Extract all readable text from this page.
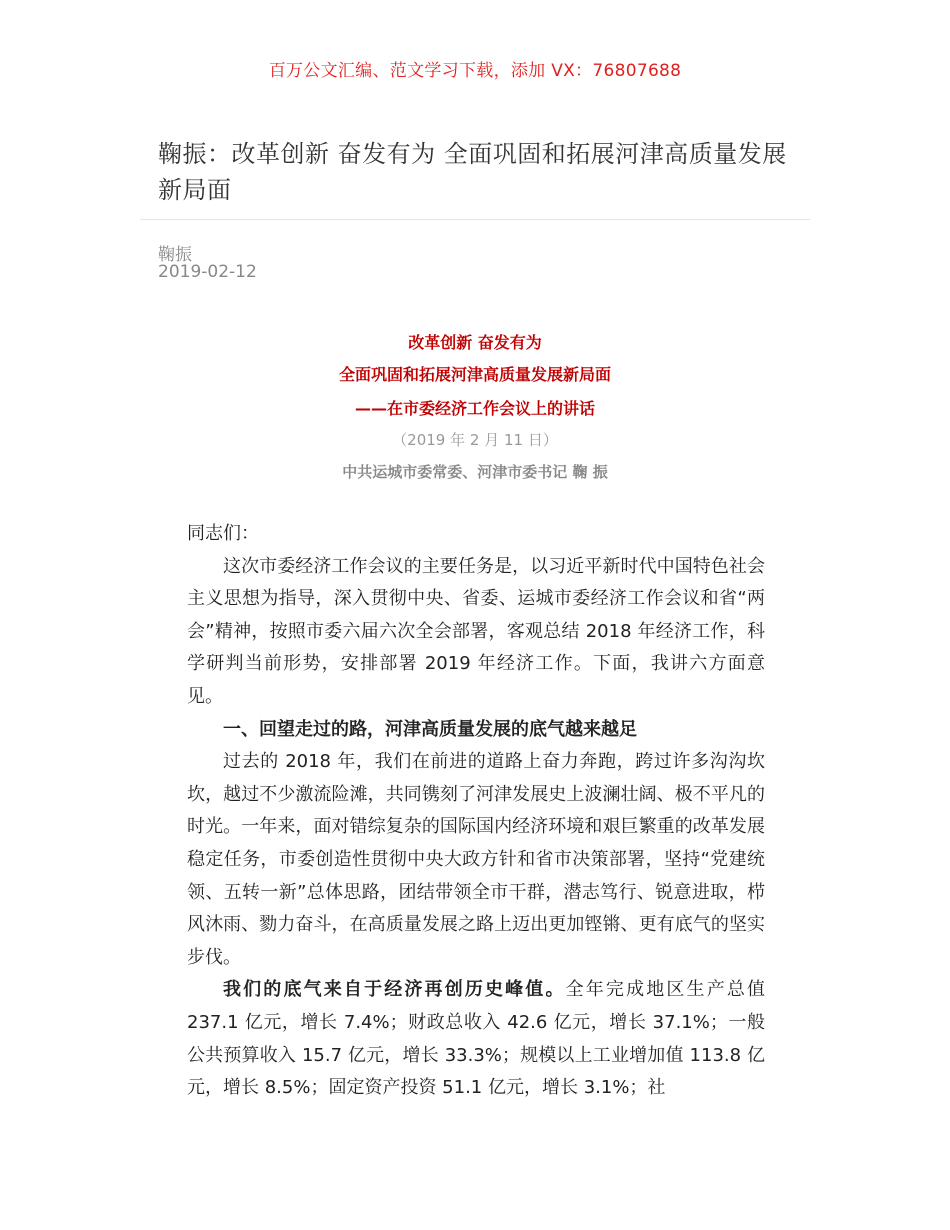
百万公文汇编、范文学习下载，添加 VX：76807688
鞠振：改革创新 奋发有为 全面巩固和拓展河津高质量发展新局面
鞠振
2019-02-12
改革创新 奋发有为
全面巩固和拓展河津高质量发展新局面
——在市委经济工作会议上的讲话
（2019 年 2 月 11 日）
中共运城市委常委、河津市委书记 鞠 振

同志们：

这次市委经济工作会议的主要任务是，以习近平新时代中国特色社会主义思想为指导，深入贯彻中央、省委、运城市委经济工作会议和省“两会”精神，按照市委六届六次全会部署，客观总结 2018 年经济工作，科学研判当前形势，安排部署 2019 年经济工作。下面，我讲六方面意见。

一、回望走过的路，河津高质量发展的底气越来越足

过去的 2018 年，我们在前进的道路上奋力奔跑，跨过许多沟沟坎坎，越过不少激流险滩，共同镌刻了河津发展史上波澜壮阔、极不平凡的时光。一年来，面对错综复杂的国际国内经济环境和艰巨繁重的改革发展稳定任务，市委创造性贯彻中央大政方针和省市决策部署，坚持“党建统领、五转一新”总体思路，团结带领全市干群，潜志笃行、锐意进取，栉风沐雨、勠力奋斗，在高质量发展之路上迈出更加铿锵、更有底气的坚实步伐。

我们的底气来自于经济再创历史峰值。全年完成地区生产总值 237.1 亿元，增长 7.4%；财政总收入 42.6 亿元，增长 37.1%；一般公共预算收入 15.7 亿元，增长 33.3%；规模以上工业增加值 113.8 亿元，增长 8.5%；固定资产投资 51.1 亿元，增长 3.1%；社
